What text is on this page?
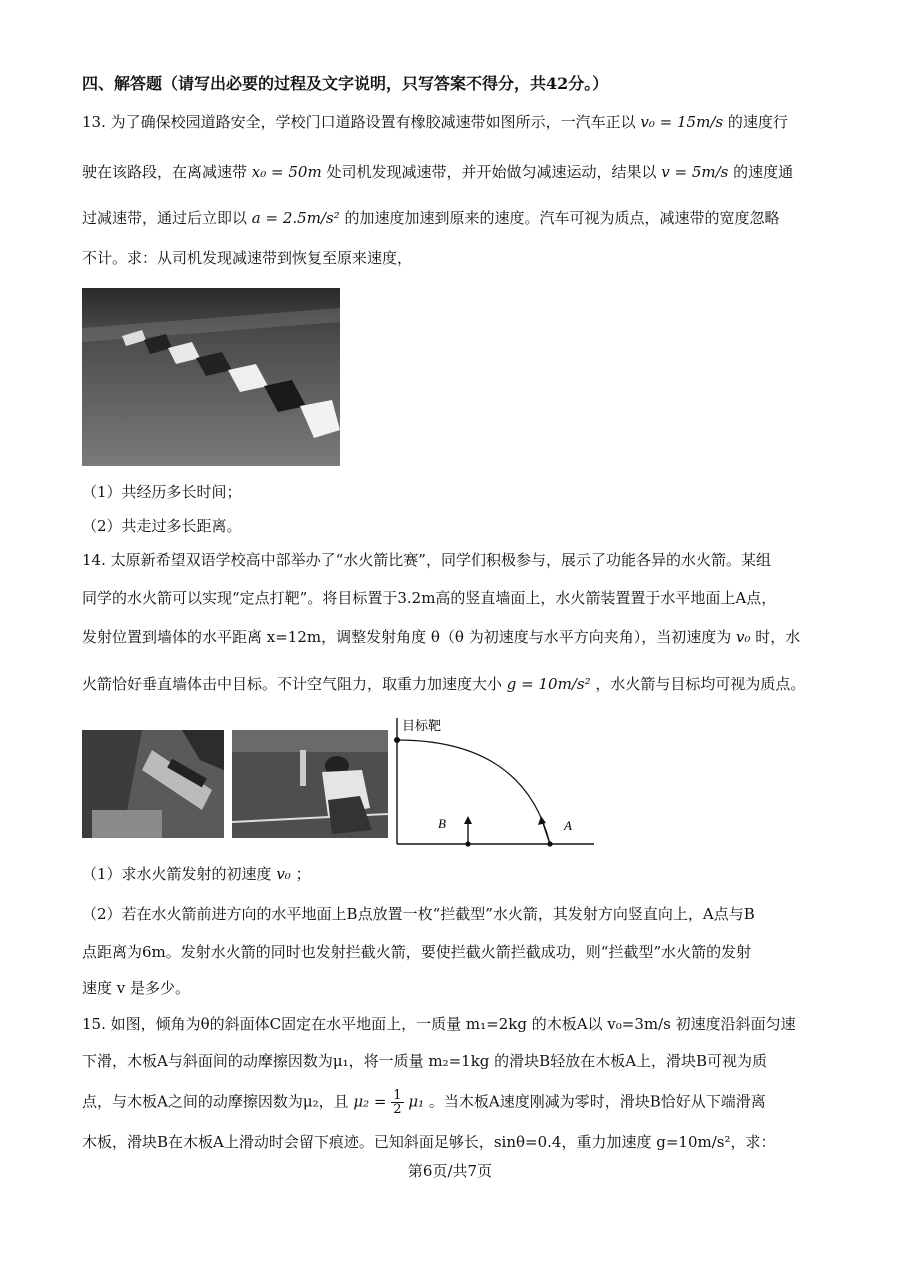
四、解答题（请写出必要的过程及文字说明，只写答案不得分，共42分。）
13. 为了确保校园道路安全，学校门口道路设置有橡胶减速带如图所示，一汽车正以 v₀ = 15m/s 的速度行
驶在该路段，在离减速带 x₀ = 50m 处司机发现减速带，并开始做匀减速运动，结果以 v = 5m/s 的速度通
过减速带，通过后立即以 a = 2.5m/s² 的加速度加速到原来的速度。汽车可视为质点，减速带的宽度忽略
不计。求：从司机发现减速带到恢复至原来速度，
（1）共经历多长时间；
（2）共走过多长距离。
14. 太原新希望双语学校高中部举办了“水火箭比赛”，同学们积极参与，展示了功能各异的水火箭。某组
同学的水火箭可以实现“定点打靶”。将目标置于3.2m高的竖直墙面上，水火箭装置置于水平地面上A点，
发射位置到墙体的水平距离 x=12m，调整发射角度 θ（θ 为初速度与水平方向夹角），当初速度为 v₀ 时，水
火箭恰好垂直墙体击中目标。不计空气阻力，取重力加速度大小 g = 10m/s² ，水火箭与目标均可视为质点。
目标靶
B	A
（1）求水火箭发射的初速度 v₀ ；
（2）若在水火箭前进方向的水平地面上B点放置一枚“拦截型”水火箭，其发射方向竖直向上，A点与B
点距离为6m。发射水火箭的同时也发射拦截火箭，要使拦截火箭拦截成功，则“拦截型”水火箭的发射
速度 v 是多少。
15. 如图，倾角为θ的斜面体C固定在水平地面上，一质量 m₁=2kg 的木板A以 v₀=3m/s 初速度沿斜面匀速
下滑，木板A与斜面间的动摩擦因数为μ₁，将一质量 m₂=1kg 的滑块B轻放在木板A上，滑块B可视为质
点，与木板A之间的动摩擦因数为μ₂，且 $\mu_2 = \frac{1}{2} \mu_1$ 。当木板A速度刚减为零时，滑块B恰好从下端滑离
木板，滑块B在木板A上滑动时会留下痕迹。已知斜面足够长，sinθ=0.4，重力加速度 g=10m/s²，求：
第6页/共7页
